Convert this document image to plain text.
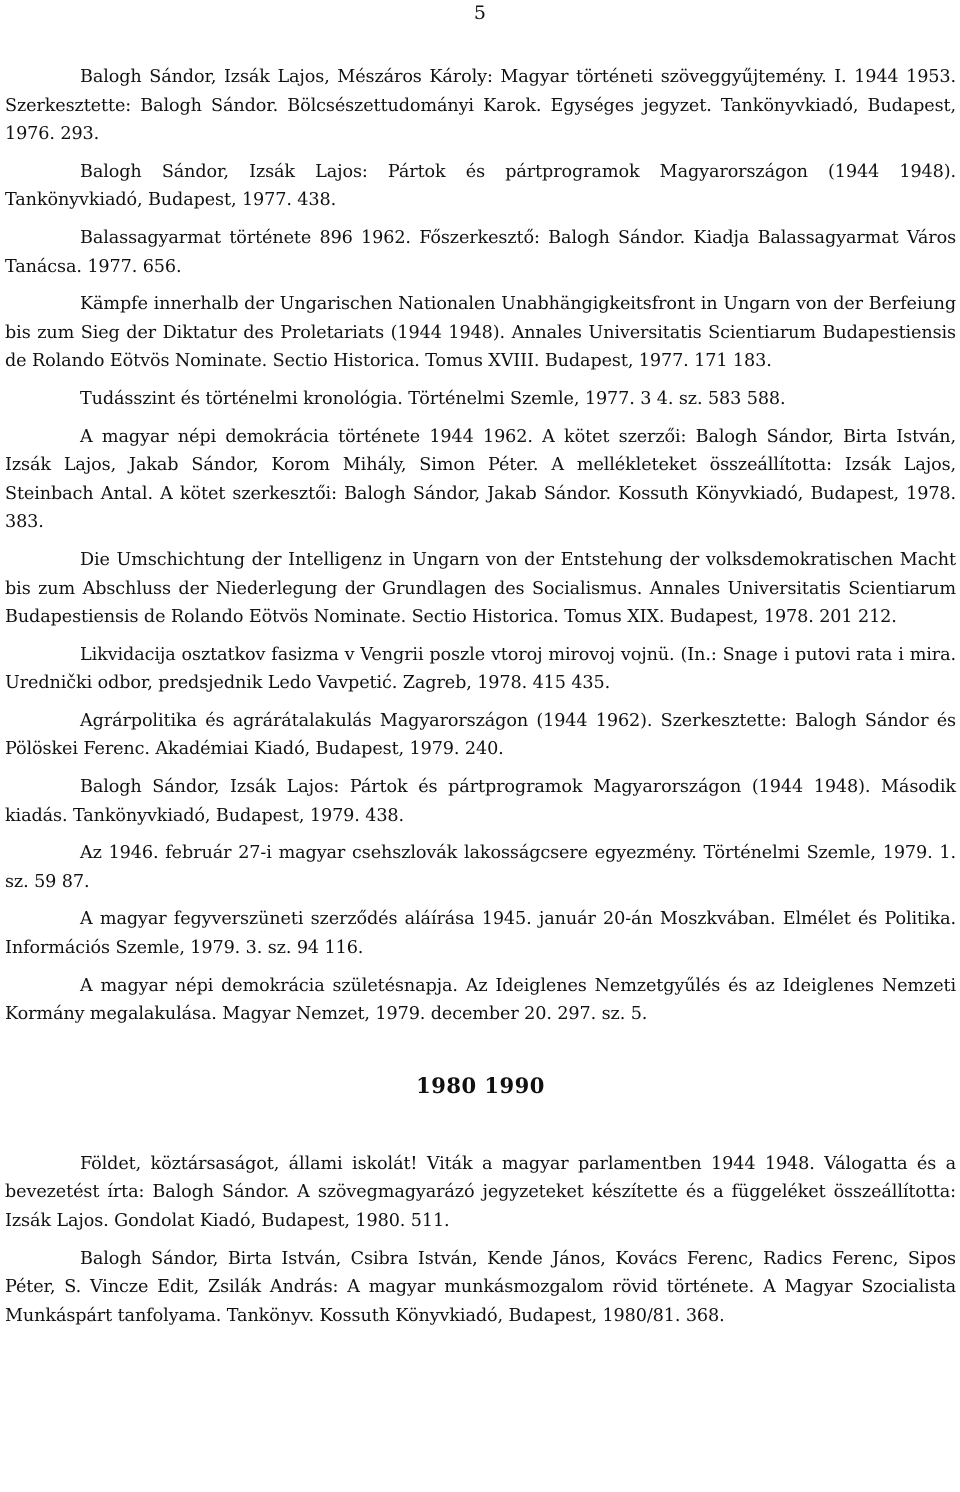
5

Balogh Sándor, Izsák Lajos, Mészáros Károly: Magyar történeti szöveggyűjtemény. I. 1944 1953. Szerkesztette: Balogh Sándor. Bölcsészettudományi Karok. Egységes jegyzet. Tankönyvkiadó, Budapest, 1976. 293.

Balogh Sándor, Izsák Lajos: Pártok és pártprogramok Magyarországon (1944 1948). Tankönyvkiadó, Budapest, 1977. 438.

Balassagyarmat története 896 1962. Főszerkesztő: Balogh Sándor. Kiadja Balassagyarmat Város Tanácsa. 1977. 656.

Kämpfe innerhalb der Ungarischen Nationalen Unabhängigkeitsfront in Ungarn von der Berfeiung bis zum Sieg der Diktatur des Proletariats (1944 1948). Annales Universitatis Scientiarum Budapestiensis de Rolando Eötvös Nominate. Sectio Historica. Tomus XVIII. Budapest, 1977. 171 183.

Tudásszint és történelmi kronológia. Történelmi Szemle, 1977. 3 4. sz. 583 588.

A magyar népi demokrácia története 1944 1962. A kötet szerzői: Balogh Sándor, Birta István, Izsák Lajos, Jakab Sándor, Korom Mihály, Simon Péter. A mellékleteket összeállította: Izsák Lajos, Steinbach Antal. A kötet szerkesztői: Balogh Sándor, Jakab Sándor. Kossuth Könyvkiadó, Budapest, 1978. 383.

Die Umschichtung der Intelligenz in Ungarn von der Entstehung der volksdemokratischen Macht bis zum Abschluss der Niederlegung der Grundlagen des Socialismus. Annales Universitatis Scientiarum Budapestiensis de Rolando Eötvös Nominate. Sectio Historica. Tomus XIX. Budapest, 1978. 201 212.

Likvidacija osztatkov fasizma v Vengrii poszle vtoroj mirovoj vojnü. (In.: Snage i putovi rata i mira. Urednički odbor, predsjednik Ledo Vavpetić. Zagreb, 1978. 415 435.

Agrárpolitika és agrárátalakulás Magyarországon (1944 1962). Szerkesztette: Balogh Sándor és Pölöskei Ferenc. Akadémiai Kiadó, Budapest, 1979. 240.

Balogh Sándor, Izsák Lajos: Pártok és pártprogramok Magyarországon (1944 1948). Második kiadás. Tankönyvkiadó, Budapest, 1979. 438.

Az 1946. február 27-i magyar csehszlovák lakosságcsere egyezmény. Történelmi Szemle, 1979. 1. sz. 59 87.

A magyar fegyverszüneti szerződés aláírása 1945. január 20-án Moszkvában. Elmélet és Politika. Információs Szemle, 1979. 3. sz. 94 116.

A magyar népi demokrácia születésnapja. Az Ideiglenes Nemzetgyűlés és az Ideiglenes Nemzeti Kormány megalakulása. Magyar Nemzet, 1979. december 20. 297. sz. 5.

1980 1990

Földet, köztársaságot, állami iskolát! Viták a magyar parlamentben 1944 1948. Válogatta és a bevezetést írta: Balogh Sándor. A szövegmagyarázó jegyzeteket készítette és a függeléket összeállította: Izsák Lajos. Gondolat Kiadó, Budapest, 1980. 511.

Balogh Sándor, Birta István, Csibra István, Kende János, Kovács Ferenc, Radics Ferenc, Sipos Péter, S. Vincze Edit, Zsilák András: A magyar munkásmozgalom rövid története. A Magyar Szocialista Munkáspárt tanfolyama. Tankönyv. Kossuth Könyvkiadó, Budapest, 1980/81. 368.
